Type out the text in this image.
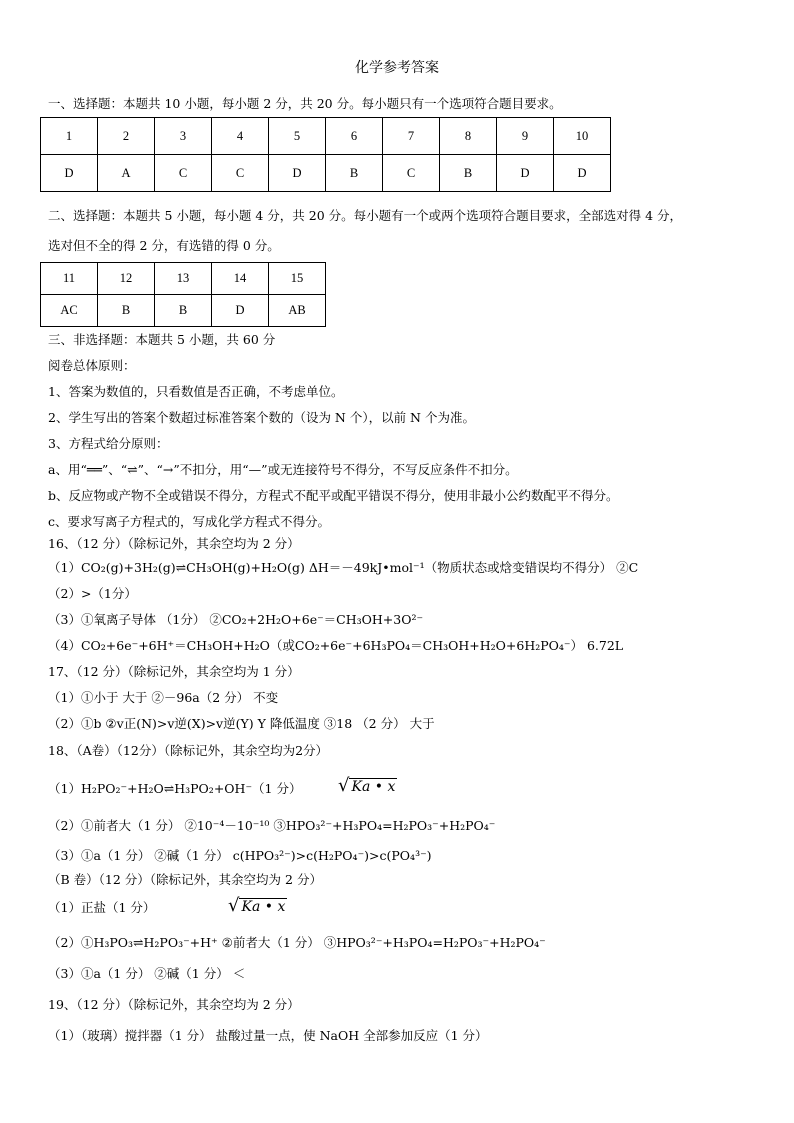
化学参考答案
一、选择题：本题共 10 小题，每小题 2 分，共 20 分。每小题只有一个选项符合题目要求。
1	2	3	4	5	6	7	8	9	10
D	A	C	C	D	B	C	B	D	D
二、选择题：本题共 5 小题，每小题 4 分，共 20 分。每小题有一个或两个选项符合题目要求，全部选对得 4 分，
选对但不全的得 2 分，有选错的得 0 分。
11	12	13	14	15
AC	B	B	D	AB
三、非选择题：本题共 5 小题，共 60 分
阅卷总体原则：
1、答案为数值的，只看数值是否正确，不考虑单位。
2、学生写出的答案个数超过标准答案个数的（设为 N 个），以前 N 个为准。
3、方程式给分原则：
a、用“══”、“⇌”、“→”不扣分，用“—”或无连接符号不得分，不写反应条件不扣分。
b、反应物或产物不全或错误不得分，方程式不配平或配平错误不得分，使用非最小公约数配平不得分。
c、要求写离子方程式的，写成化学方程式不得分。
16、（12 分）（除标记外，其余空均为 2 分）
（1）CO₂(g)+3H₂(g)⇌CH₃OH(g)+H₂O(g) ΔH＝－49kJ•mol⁻¹（物质状态或焓变错误均不得分） ②C
（2）>（1分）
（3）①氧离子导体 （1分） ②CO₂+2H₂O+6e⁻＝CH₃OH+3O²⁻
（4）CO₂+6e⁻+6H⁺＝CH₃OH+H₂O（或CO₂+6e⁻+6H₃PO₄＝CH₃OH+H₂O+6H₂PO₄⁻） 6.72L
17、（12 分）（除标记外，其余空均为 1 分）
（1）①小于 大于 ②－96a（2 分） 不变
（2）①b ②v正(N)>v逆(X)>v逆(Y) Y 降低温度 ③18 （2 分） 大于
18、（A卷）（12分）（除标记外，其余空均为2分）
（1）H₂PO₂⁻+H₂O⇌H₃PO₂+OH⁻（1 分） √ Ka • x
（2）①前者大（1 分） ②10⁻⁴－10⁻¹⁰ ③HPO₃²⁻+H₃PO₄=H₂PO₃⁻+H₂PO₄⁻
（3）①a（1 分） ②碱（1 分） c(HPO₃²⁻)>c(H₂PO₄⁻)>c(PO₄³⁻)
（B 卷）（12 分）（除标记外，其余空均为 2 分）
（1）正盐（1 分）	√ Ka • x
（2）①H₃PO₃⇌H₂PO₃⁻+H⁺ ②前者大（1 分） ③HPO₃²⁻+H₃PO₄=H₂PO₃⁻+H₂PO₄⁻
（3）①a（1 分） ②碱（1 分） ＜
19、（12 分）（除标记外，其余空均为 2 分）
（1）（玻璃）搅拌器（1 分） 盐酸过量一点，使 NaOH 全部参加反应（1 分）
